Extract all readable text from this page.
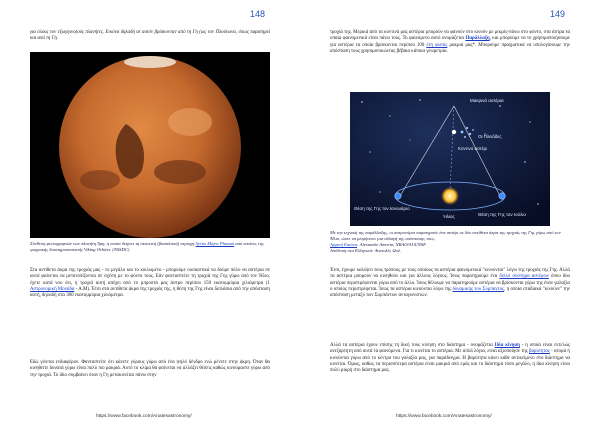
148
για όλους τον εξωγηινο(ούς πλανήτες. Εικόνα δηλαδή σε αυτόν βρίσκονταν από τη Γη (ως τον Πλούτωνα, όπως παρατηρεί και από τη Γη.
Σύνθεση φωτογραφιών των πλανήτη Άρη, η οποία δείχνει τη σκοτεινή (βασαλτική) περιοχή Syrtis Major Planum από εικόνες της τροχιακής διαστημοσυσκευής Viking Orbiter. (NSSDC)
Στα αντίθετα άκρα της τροχιάς μας - το μεγάλο και το κοιλωμένο - μπορούμε ουσιαστικά να δούμε πόλο να αστέρια σε αυτά φαίνεται να μετατοπίζονται σε σχέση με το φόντο τους. Εάν φανταστείτε τη τροχιά της Γης γύρω από τον Ήλιο, έχετε κατά νου ότι, η τροχιά αυτή απέχει από το μπροστά μας άστρο περίπου 150 εκατομμύρια χιλιόμετρα (1 Αστρονομική Μονάδα - Α.Μ). Έτσι στα αντίθετα άκρα της τροχιάς της, η θέση της Γης είναι διπλάσια από την απόσταση αυτή, δηλαδή στα 300 εκατομμύρια χιλιόμετρα.
Εδώ γίνεται ενδιαφέρον. Φανταστείτε ότι κάνετε γύρους γύρω από ένα ψηλό δένδρο ενώ μένετε στην άκρη. Όταν θα κινηθείτε δυνατά γύρω είναι πολύ πιο μακριά. Αυτό το κλίμα θα φαίνεται να αλλάζει θέσεις καθώς κινούμαστε γύρω από την τροχιά. Το ίδιο συμβαίνει όταν η Γη μετακινείται πάνω στην
https://www.facebook.com/Anatesastronomy/
149
τροχιά της. Μερικά από τα κοντινά μας αστέρια μπορούν να φανούν στο κινούν με μικρές-πάνω στο φόντο, στα άστρα τα οποία φαινομενικά είναι πάνω τους. Το φαινόμενο αυτό ονομάζεται Παράλλαξη, και μπορούμε να το χρησιμοποιήσουμε για αστέρια τα οποία βρίσκονται περίπου 100 έτη φωτός μακριά μας*. Μπορούμε πραγματικά να υπολογίσουμε την απόσταση τους χρησιμοποιώντας βέβαια κάποια γεωμετρία.
Κοντινό αστέρι
Μακρινά αστέρια
Οι Πλειάδες
Θέση της Γης τον Ιανουάριο
Θέση της Γης τον Ιούλιο
Ήλιος
Με την τεχνική της παράλλαξης, οι αστρονόμοι παρατηρούν ένα αστέρι σε δύο αντίθετα άκρα της τροχιάς της Γης γύρω από τον Ήλιο, ώστε να μετρήσουν μια αλλαγή της απόστασης τους.
Αρχική Εικόνα: Alexandre Amorin, NRAO/AUI/NSF.
Απόδοση στα Ελληνικά: Ανατολές Ωολ.
Έτσι, έχουμε καλύψει τους τρόπους με τους οποίους τα αστέρια φαινομενικά "κινούνται" λόγω της τροχιάς της Γης. Αλλά τα αστέρια μπορούν να κινηθούν και για άλλους λόγους. Ίσως παρατηρούμε ένα διπλό σύστημα αστέρων όπου δύο αστέρια περιστρέφονται γύρω από το άλλο. Ίσως θέλουμε να παρατηρούμε αστέρια να βρίσκονται γύρω της έναν γαλαξία ο οποίος περιστρέφεται. Ίσως τα αστέρια κινούνται λόγω της δυναμικής του Σύμπαντος, η οποία στάδιακά "κινούνε" την απόσταση μεταξύ των Συμπάντων ανταγωνιστών.
Αλλά τα αστέρια έχουν επίσης τη δική τους κίνηση στο διάστημα - ονομάζεται Ιδία κίνηση - η οποία είναι εντελώς ανεξάρτητη από αυτά τα φαινόμενα. Για τι κινείται το αστέρια. Με απλά λόγια, είναι αξιοποίησε της βαρύτητας - ατομά ή κινούνται γύρω από το κέντρο του γαλαξία μας, για παράδειγμα. Η βαρύτητα κάνει κάθε αντικείμενο στο διάστημα να κινείται. Όμως, καθώς τα περισσότερα αστέρια είναι μακριά από εμάς και το διάστημα τόσο μεγάλο, η ίδια κίνηση είναι πολύ μικρή στο διάστημα μας.
https://www.facebook.com/Anatesastronomy/
